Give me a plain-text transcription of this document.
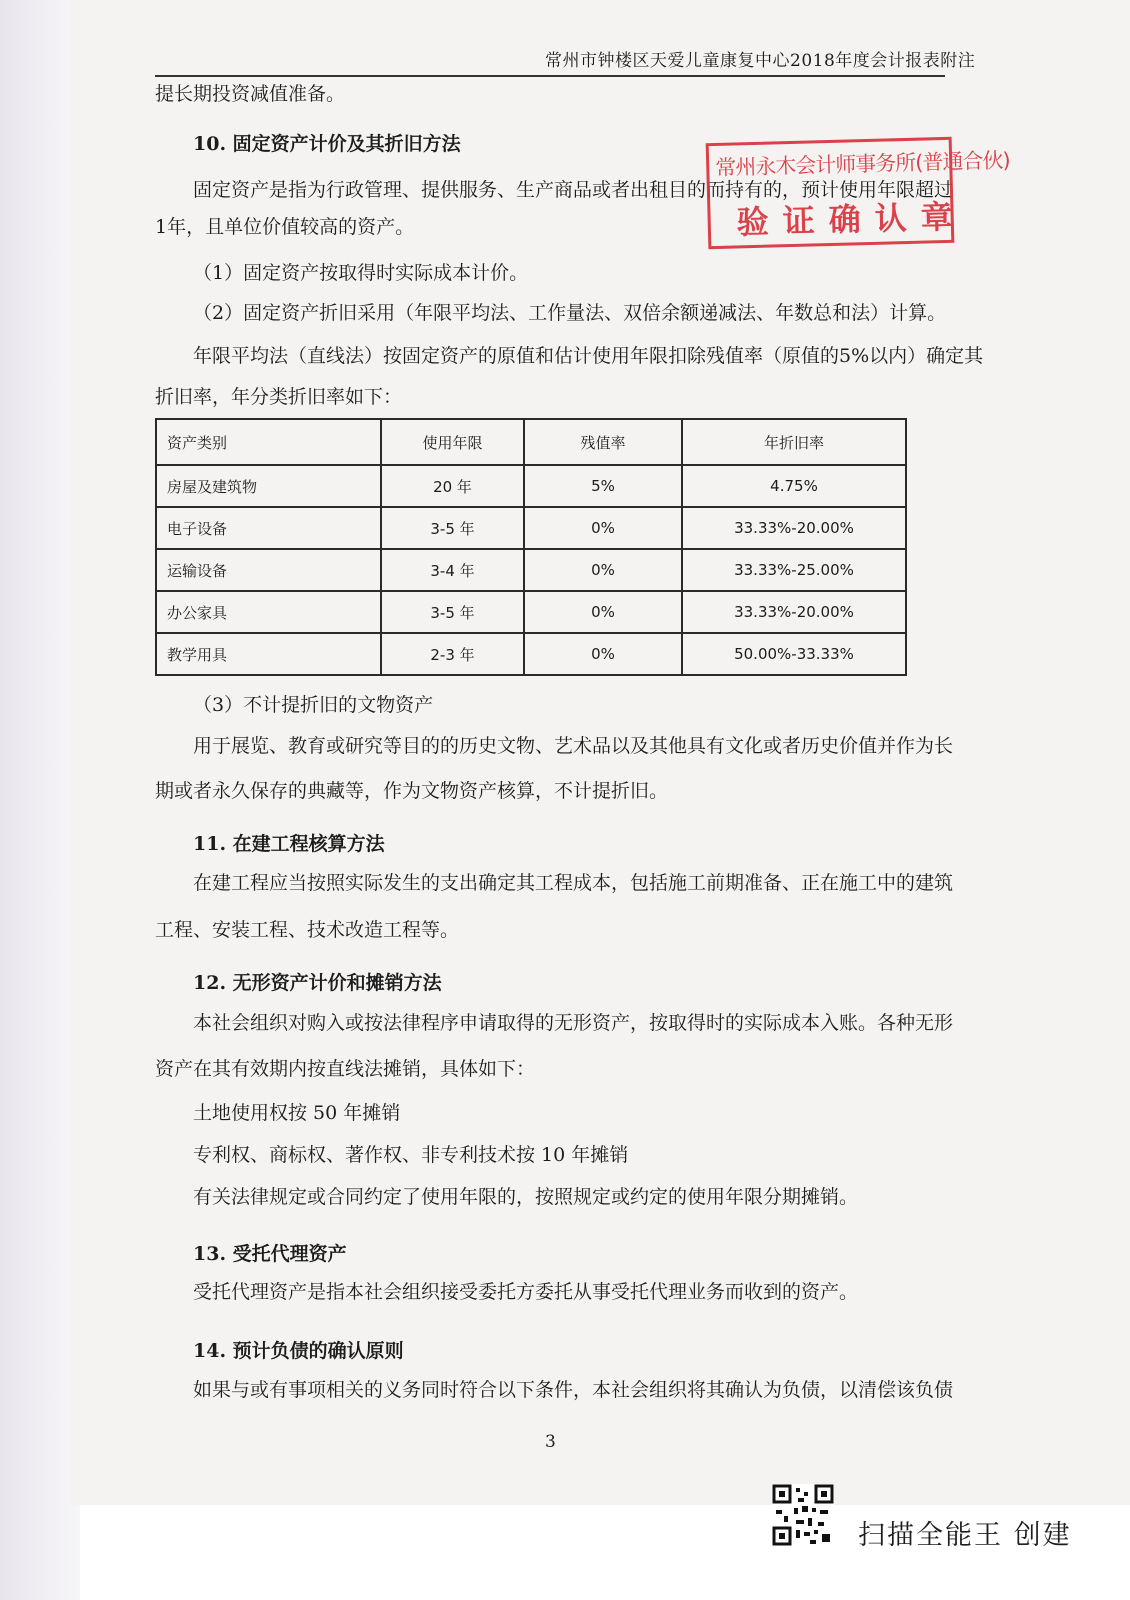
常州市钟楼区天爱儿童康复中心2018年度会计报表附注
提长期投资减值准备。
10. 固定资产计价及其折旧方法
固定资产是指为行政管理、提供服务、生产商品或者出租目的而持有的，预计使用年限超过
1年，且单位价值较高的资产。
（1）固定资产按取得时实际成本计价。
（2）固定资产折旧采用（年限平均法、工作量法、双倍余额递减法、年数总和法）计算。
年限平均法（直线法）按固定资产的原值和估计使用年限扣除残值率（原值的5%以内）确定其
折旧率，年分类折旧率如下：
常州永木会计师事务所(普通合伙)
验证确认章
资产类别	使用年限	残值率	年折旧率
房屋及建筑物	20 年	5%	4.75%
电子设备	3-5 年	0%	33.33%-20.00%
运输设备	3-4 年	0%	33.33%-25.00%
办公家具	3-5 年	0%	33.33%-20.00%
教学用具	2-3 年	0%	50.00%-33.33%
（3）不计提折旧的文物资产
用于展览、教育或研究等目的的历史文物、艺术品以及其他具有文化或者历史价值并作为长
期或者永久保存的典藏等，作为文物资产核算，不计提折旧。
11. 在建工程核算方法
在建工程应当按照实际发生的支出确定其工程成本，包括施工前期准备、正在施工中的建筑
工程、安装工程、技术改造工程等。
12. 无形资产计价和摊销方法
本社会组织对购入或按法律程序申请取得的无形资产，按取得时的实际成本入账。各种无形
资产在其有效期内按直线法摊销，具体如下：
土地使用权按 50 年摊销
专利权、商标权、著作权、非专利技术按 10 年摊销
有关法律规定或合同约定了使用年限的，按照规定或约定的使用年限分期摊销。
13. 受托代理资产
受托代理资产是指本社会组织接受委托方委托从事受托代理业务而收到的资产。
14. 预计负债的确认原则
如果与或有事项相关的义务同时符合以下条件，本社会组织将其确认为负债，以清偿该负债
3
扫描全能王 创建
